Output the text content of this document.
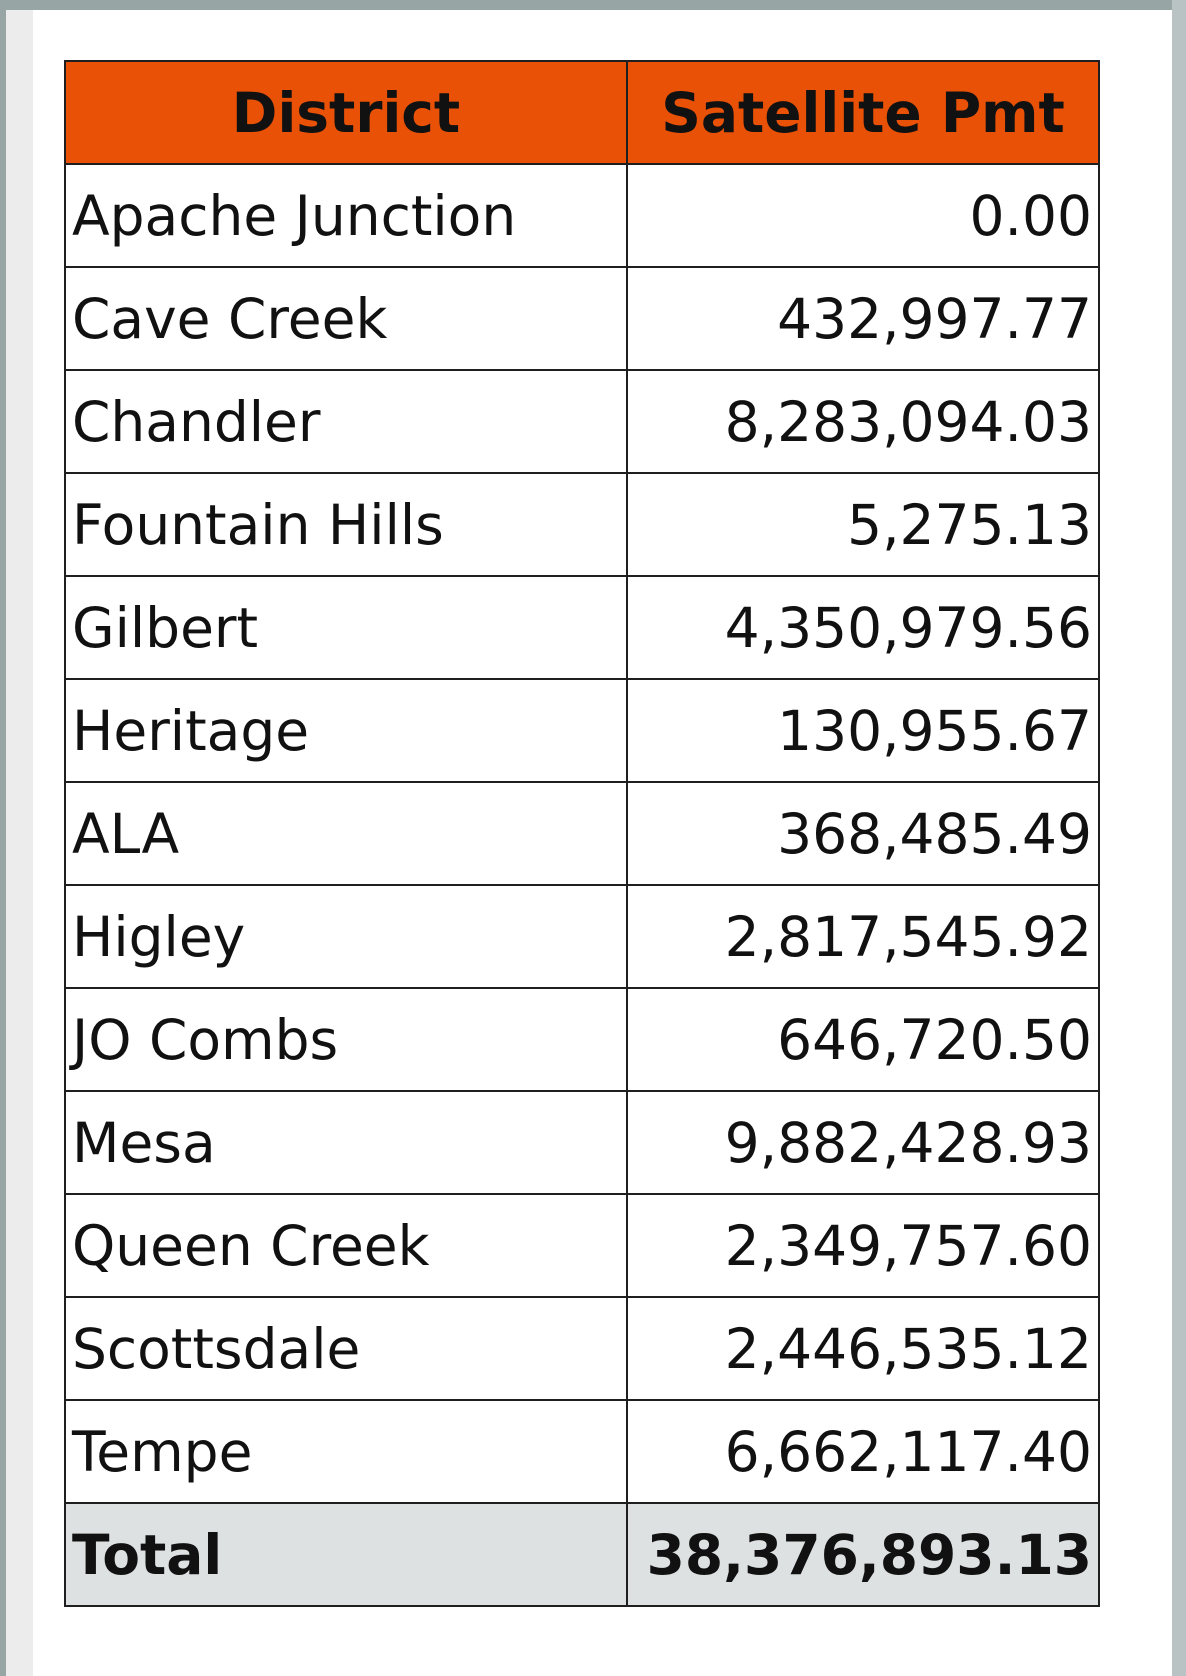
District	Satellite Pmt
Apache Junction	0.00
Cave Creek	432,997.77
Chandler	8,283,094.03
Fountain Hills	5,275.13
Gilbert	4,350,979.56
Heritage	130,955.67
ALA	368,485.49
Higley	2,817,545.92
JO Combs	646,720.50
Mesa	9,882,428.93
Queen Creek	2,349,757.60
Scottsdale	2,446,535.12
Tempe	6,662,117.40
Total	38,376,893.13
